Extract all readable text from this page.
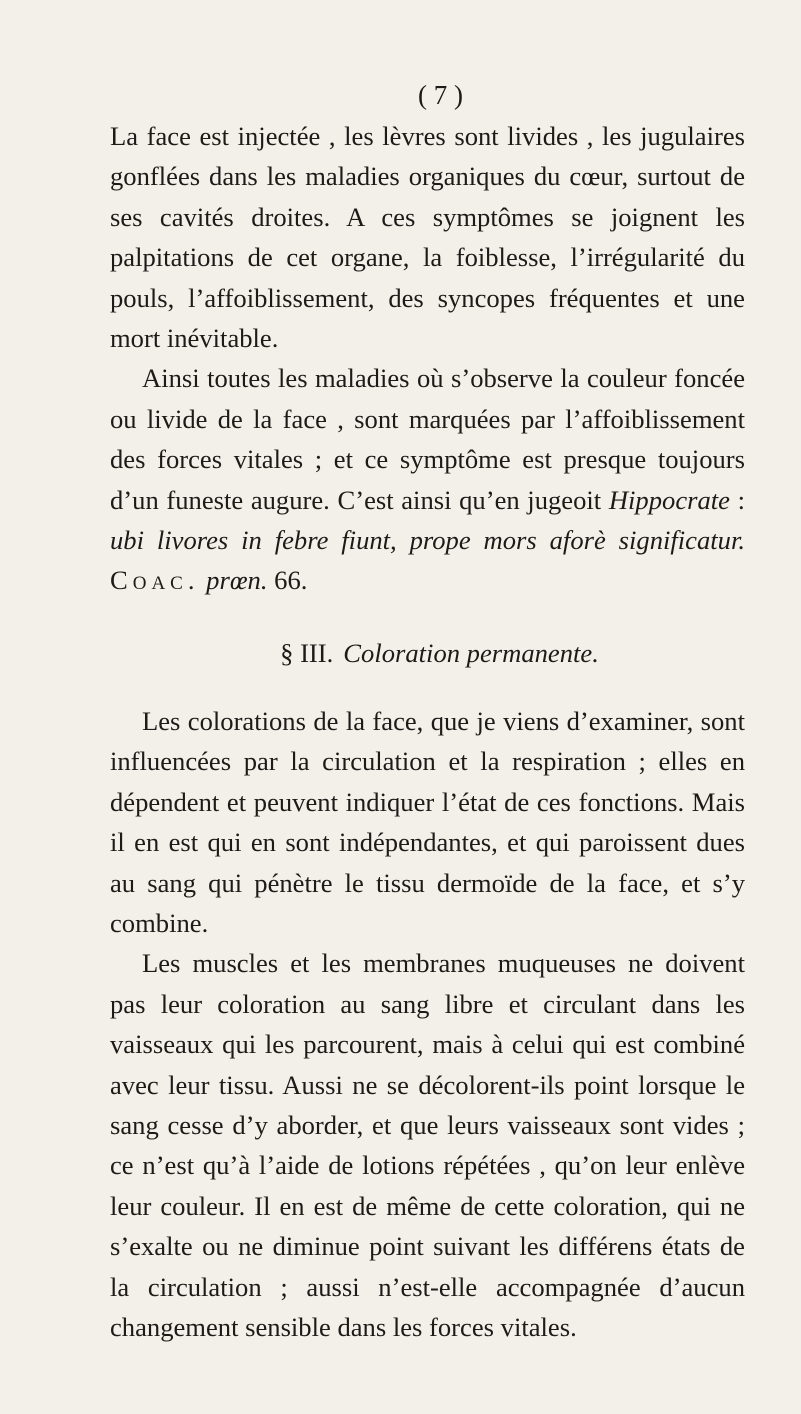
( 7 )

La face est injectée , les lèvres sont livides , les jugulaires gonflées dans les maladies organiques du cœur, surtout de ses cavités droites. A ces symptômes se joignent les palpitations de cet organe, la foiblesse, l’irrégularité du pouls, l’affoiblissement, des syncopes fréquentes et une mort inévitable.

Ainsi toutes les maladies où s’observe la couleur foncée ou livide de la face , sont marquées par l’affoiblissement des forces vitales ; et ce symptôme est presque toujours d’un funeste augure. C’est ainsi qu’en jugeoit Hippocrate : ubi livores in febre fiunt, prope mors aforè significatur. Coac. prœn. 66.

§ III. Coloration permanente.

Les colorations de la face, que je viens d’examiner, sont influencées par la circulation et la respiration ; elles en dépendent et peuvent indiquer l’état de ces fonctions. Mais il en est qui en sont indépendantes, et qui paroissent dues au sang qui pénètre le tissu dermoïde de la face, et s’y combine.

Les muscles et les membranes muqueuses ne doivent pas leur coloration au sang libre et circulant dans les vaisseaux qui les parcourent, mais à celui qui est combiné avec leur tissu. Aussi ne se décolorent-ils point lorsque le sang cesse d’y aborder, et que leurs vaisseaux sont vides ; ce n’est qu’à l’aide de lotions répétées , qu’on leur enlève leur couleur. Il en est de même de cette coloration, qui ne s’exalte ou ne diminue point suivant les différens états de la circulation ; aussi n’est-elle accompagnée d’aucun changement sensible dans les forces vitales.
